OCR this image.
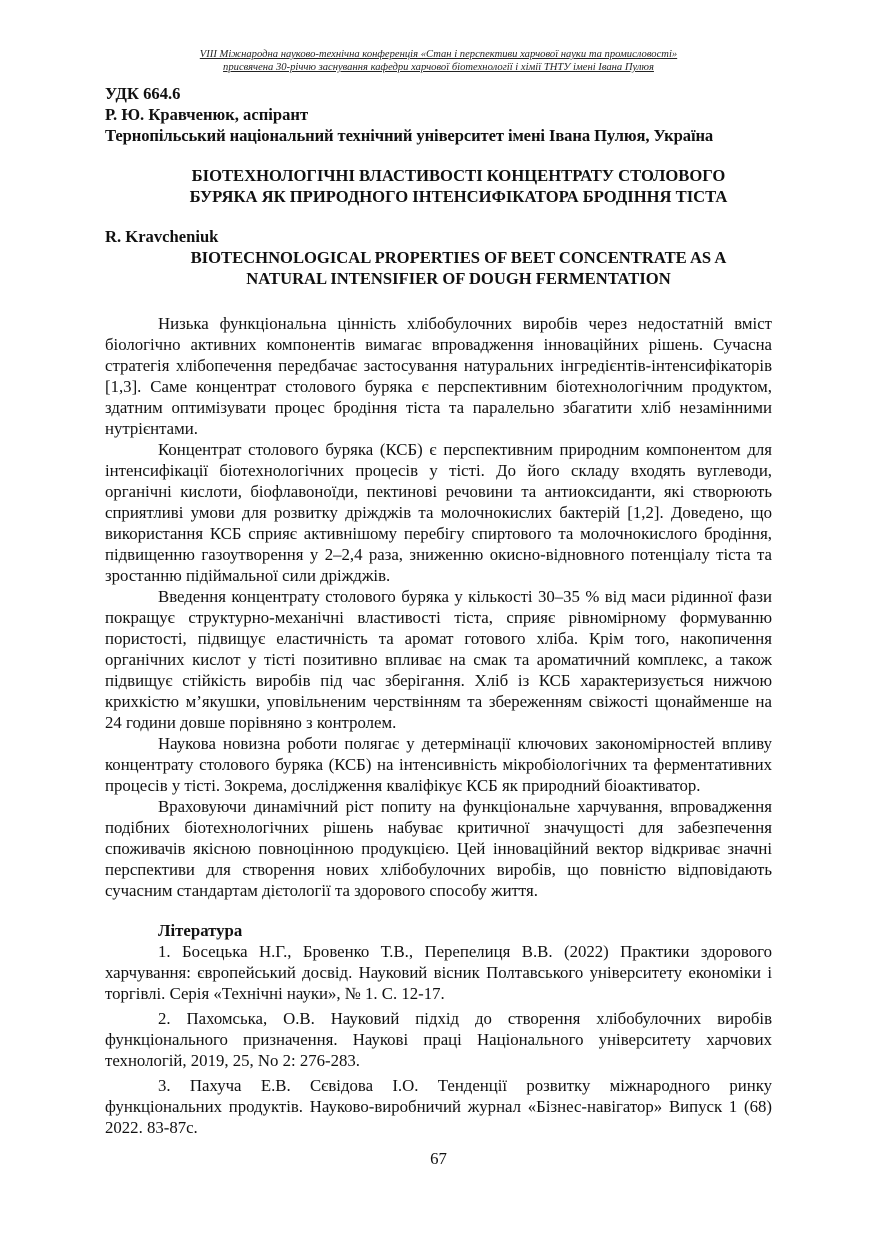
VIII Міжнародна науково-технічна конференція «Стан і перспективи харчової науки та промисловості»
присвячена 30-річчю заснування кафедри харчової біотехнології і хімії ТНТУ імені Івана Пулюя
УДК 664.6
Р. Ю. Кравченюк, аспірант
Тернопільський національний технічний університет імені Івана Пулюя, Україна
БІОТЕХНОЛОГІЧНІ ВЛАСТИВОСТІ КОНЦЕНТРАТУ СТОЛОВОГО
БУРЯКА ЯК ПРИРОДНОГО ІНТЕНСИФІКАТОРА БРОДІННЯ ТІСТА
R. Kravcheniuk
BIOTECHNOLOGICAL PROPERTIES OF BEET CONCENTRATE AS A
NATURAL INTENSIFIER OF DOUGH FERMENTATION

Низька функціональна цінність хлібобулочних виробів через недостатній вміст біологічно активних компонентів вимагає впровадження інноваційних рішень. Сучасна стратегія хлібопечення передбачає застосування натуральних інгредієнтів-інтенсифікаторів [1,3]. Саме концентрат столового буряка є перспективним біотехнологічним продуктом, здатним оптимізувати процес бродіння тіста та паралельно збагатити хліб незамінними нутрієнтами.

Концентрат столового буряка (КСБ) є перспективним природним компонентом для інтенсифікації біотехнологічних процесів у тісті. До його складу входять вуглеводи, органічні кислоти, біофлавоноїди, пектинові речовини та антиоксиданти, які створюють сприятливі умови для розвитку дріжджів та молочнокислих бактерій [1,2]. Доведено, що використання КСБ сприяє активнішому перебігу спиртового та молочнокислого бродіння, підвищенню газоутворення у 2–2,4 раза, зниженню окисно-відновного потенціалу тіста та зростанню підіймальної сили дріжджів.

Введення концентрату столового буряка у кількості 30–35 % від маси рідинної фази покращує структурно-механічні властивості тіста, сприяє рівномірному формуванню пористості, підвищує еластичність та аромат готового хліба. Крім того, накопичення органічних кислот у тісті позитивно впливає на смак та ароматичний комплекс, а також підвищує стійкість виробів під час зберігання. Хліб із КСБ характеризується нижчою крихкістю м’якушки, уповільненим черствінням та збереженням свіжості щонайменше на 24 години довше порівняно з контролем.

Наукова новизна роботи полягає у детермінації ключових закономірностей впливу концентрату столового буряка (КСБ) на інтенсивність мікробіологічних та ферментативних процесів у тісті. Зокрема, дослідження кваліфікує КСБ як природний біоактиватор.

Враховуючи динамічний ріст попиту на функціональне харчування, впровадження подібних біотехнологічних рішень набуває критичної значущості для забезпечення споживачів якісною повноцінною продукцією. Цей інноваційний вектор відкриває значні перспективи для створення нових хлібобулочних виробів, що повністю відповідають сучасним стандартам дієтології та здорового способу життя.

Література

1. Босецька Н.Г., Бровенко Т.В., Перепелиця В.В. (2022) Практики здорового харчування: європейський досвід. Науковий вісник Полтавського університету економіки і торгівлі. Серія «Технічні науки», № 1. С. 12-17.

2. Пахомська, О.В. Науковий підхід до створення хлібобулочних виробів функціонального призначення. Наукові праці Національного університету харчових технологій, 2019, 25, No 2: 276-283.

3. Пахуча Е.В. Сєвідова І.О. Тенденції розвитку міжнародного ринку функціональних продуктів. Науково-виробничий журнал «Бізнес-навігатор» Випуск 1 (68) 2022. 83-87с.

67
